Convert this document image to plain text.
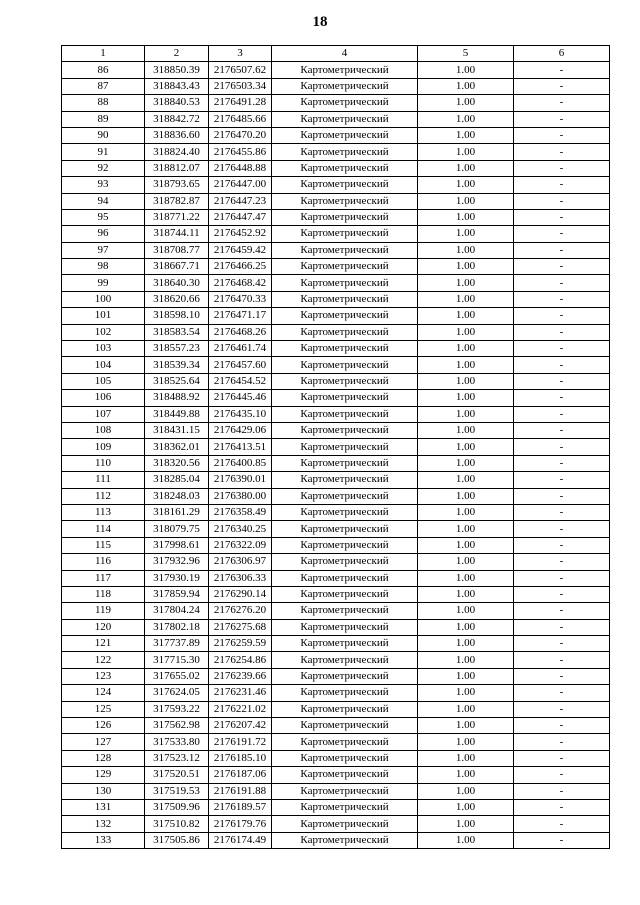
18
1	2	3	4	5	6
86	318850.39	2176507.62	Картометрический	1.00	-
87	318843.43	2176503.34	Картометрический	1.00	-
88	318840.53	2176491.28	Картометрический	1.00	-
89	318842.72	2176485.66	Картометрический	1.00	-
90	318836.60	2176470.20	Картометрический	1.00	-
91	318824.40	2176455.86	Картометрический	1.00	-
92	318812.07	2176448.88	Картометрический	1.00	-
93	318793.65	2176447.00	Картометрический	1.00	-
94	318782.87	2176447.23	Картометрический	1.00	-
95	318771.22	2176447.47	Картометрический	1.00	-
96	318744.11	2176452.92	Картометрический	1.00	-
97	318708.77	2176459.42	Картометрический	1.00	-
98	318667.71	2176466.25	Картометрический	1.00	-
99	318640.30	2176468.42	Картометрический	1.00	-
100	318620.66	2176470.33	Картометрический	1.00	-
101	318598.10	2176471.17	Картометрический	1.00	-
102	318583.54	2176468.26	Картометрический	1.00	-
103	318557.23	2176461.74	Картометрический	1.00	-
104	318539.34	2176457.60	Картометрический	1.00	-
105	318525.64	2176454.52	Картометрический	1.00	-
106	318488.92	2176445.46	Картометрический	1.00	-
107	318449.88	2176435.10	Картометрический	1.00	-
108	318431.15	2176429.06	Картометрический	1.00	-
109	318362.01	2176413.51	Картометрический	1.00	-
110	318320.56	2176400.85	Картометрический	1.00	-
111	318285.04	2176390.01	Картометрический	1.00	-
112	318248.03	2176380.00	Картометрический	1.00	-
113	318161.29	2176358.49	Картометрический	1.00	-
114	318079.75	2176340.25	Картометрический	1.00	-
115	317998.61	2176322.09	Картометрический	1.00	-
116	317932.96	2176306.97	Картометрический	1.00	-
117	317930.19	2176306.33	Картометрический	1.00	-
118	317859.94	2176290.14	Картометрический	1.00	-
119	317804.24	2176276.20	Картометрический	1.00	-
120	317802.18	2176275.68	Картометрический	1.00	-
121	317737.89	2176259.59	Картометрический	1.00	-
122	317715.30	2176254.86	Картометрический	1.00	-
123	317655.02	2176239.66	Картометрический	1.00	-
124	317624.05	2176231.46	Картометрический	1.00	-
125	317593.22	2176221.02	Картометрический	1.00	-
126	317562.98	2176207.42	Картометрический	1.00	-
127	317533.80	2176191.72	Картометрический	1.00	-
128	317523.12	2176185.10	Картометрический	1.00	-
129	317520.51	2176187.06	Картометрический	1.00	-
130	317519.53	2176191.88	Картометрический	1.00	-
131	317509.96	2176189.57	Картометрический	1.00	-
132	317510.82	2176179.76	Картометрический	1.00	-
133	317505.86	2176174.49	Картометрический	1.00	-
